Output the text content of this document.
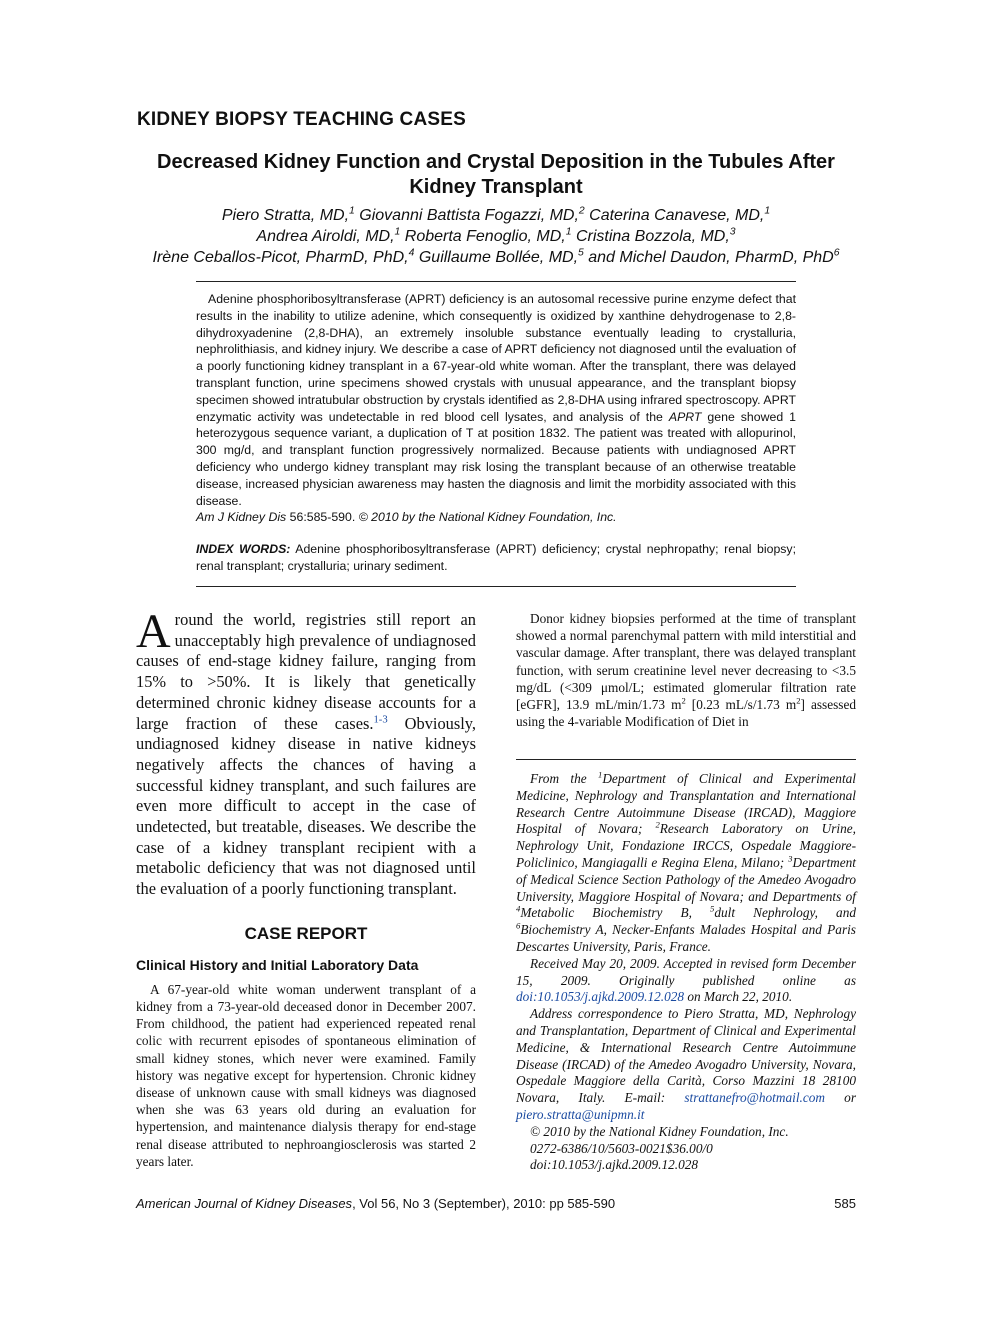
KIDNEY BIOPSY TEACHING CASES
Decreased Kidney Function and Crystal Deposition in the Tubules After Kidney Transplant
Piero Stratta, MD,$^1$ Giovanni Battista Fogazzi, MD,$^2$ Caterina Canavese, MD,$^1$
Andrea Airoldi, MD,$^1$ Roberta Fenoglio, MD,$^1$ Cristina Bozzola, MD,$^3$
Irène Ceballos-Picot, PharmD, PhD,$^4$ Guillaume Bollée, MD,$^5$ and Michel Daudon, PharmD, PhD$^6$

Adenine phosphoribosyltransferase (APRT) deficiency is an autosomal recessive purine enzyme defect that results in the inability to utilize adenine, which consequently is oxidized by xanthine dehydrogenase to 2,8-dihydroxyadenine (2,8-DHA), an extremely insoluble substance eventually leading to crystalluria, nephrolithiasis, and kidney injury. We describe a case of APRT deficiency not diagnosed until the evaluation of a poorly functioning kidney transplant in a 67-year-old white woman. After the transplant, there was delayed transplant function, urine specimens showed crystals with unusual appearance, and the transplant biopsy specimen showed intratubular obstruction by crystals identified as 2,8-DHA using infrared spectroscopy. APRT enzymatic activity was undetectable in red blood cell lysates, and analysis of the APRT gene showed 1 heterozygous sequence variant, a duplication of T at position 1832. The patient was treated with allopurinol, 300 mg/d, and transplant function progressively normalized. Because patients with undiagnosed APRT deficiency who undergo kidney transplant may risk losing the transplant because of an otherwise treatable disease, increased physician awareness may hasten the diagnosis and limit the morbidity associated with this disease.

Am J Kidney Dis 56:585-590. © 2010 by the National Kidney Foundation, Inc.

INDEX WORDS: Adenine phosphoribosyltransferase (APRT) deficiency; crystal nephropathy; renal biopsy; renal transplant; crystalluria; urinary sediment.

Around the world, registries still report an unacceptably high prevalence of undiagnosed causes of end-stage kidney failure, ranging from 15% to >50%. It is likely that genetically determined chronic kidney disease accounts for a large fraction of these cases.$^{1-3}$ Obviously, undiagnosed kidney disease in native kidneys negatively affects the chances of having a successful kidney transplant, and such failures are even more difficult to accept in the case of undetected, but treatable, diseases. We describe the case of a kidney transplant recipient with a metabolic deficiency that was not diagnosed until the evaluation of a poorly functioning transplant.

CASE REPORT
Clinical History and Initial Laboratory Data

A 67-year-old white woman underwent transplant of a kidney from a 73-year-old deceased donor in December 2007. From childhood, the patient had experienced repeated renal colic with recurrent episodes of spontaneous elimination of small kidney stones, which never were examined. Family history was negative except for hypertension. Chronic kidney disease of unknown cause with small kidneys was diagnosed when she was 63 years old during an evaluation for hypertension, and maintenance dialysis therapy for end-stage renal disease attributed to nephroangiosclerosis was started 2 years later.

Donor kidney biopsies performed at the time of transplant showed a normal parenchymal pattern with mild interstitial and vascular damage. After transplant, there was delayed transplant function, with serum creatinine level never decreasing to <3.5 mg/dL (<309 μmol/L; estimated glomerular filtration rate [eGFR], 13.9 mL/min/1.73 $m^2$ [0.23 mL/s/1.73 $m^2$] assessed using the 4-variable Modification of Diet in

From the $^1$Department of Clinical and Experimental Medicine, Nephrology and Transplantation and International Research Centre Autoimmune Disease (IRCAD), Maggiore Hospital of Novara; $^2$Research Laboratory on Urine, Nephrology Unit, Fondazione IRCCS, Ospedale Maggiore-Policlinico, Mangiagalli e Regina Elena, Milano; $^3$Department of Medical Science Section Pathology of the Amedeo Avogadro University, Maggiore Hospital of Novara; and Departments of $^4$Metabolic Biochemistry B, $^5$dult Nephrology, and $^6$Biochemistry A, Necker-Enfants Malades Hospital and Paris Descartes University, Paris, France.

Received May 20, 2009. Accepted in revised form December 15, 2009. Originally published online as doi:10.1053/j.ajkd.2009.12.028 on March 22, 2010.

Address correspondence to Piero Stratta, MD, Nephrology and Transplantation, Department of Clinical and Experimental Medicine, & International Research Centre Autoimmune Disease (IRCAD) of the Amedeo Avogadro University, Novara, Ospedale Maggiore della Carità, Corso Mazzini 18 28100 Novara, Italy. E-mail: strattanefro@hotmail.com or piero.stratta@unipmn.it

© 2010 by the National Kidney Foundation, Inc.

0272-6386/10/5603-0021$36.00/0

doi:10.1053/j.ajkd.2009.12.028

American Journal of Kidney Diseases, Vol 56, No 3 (September), 2010: pp 585-590	585
